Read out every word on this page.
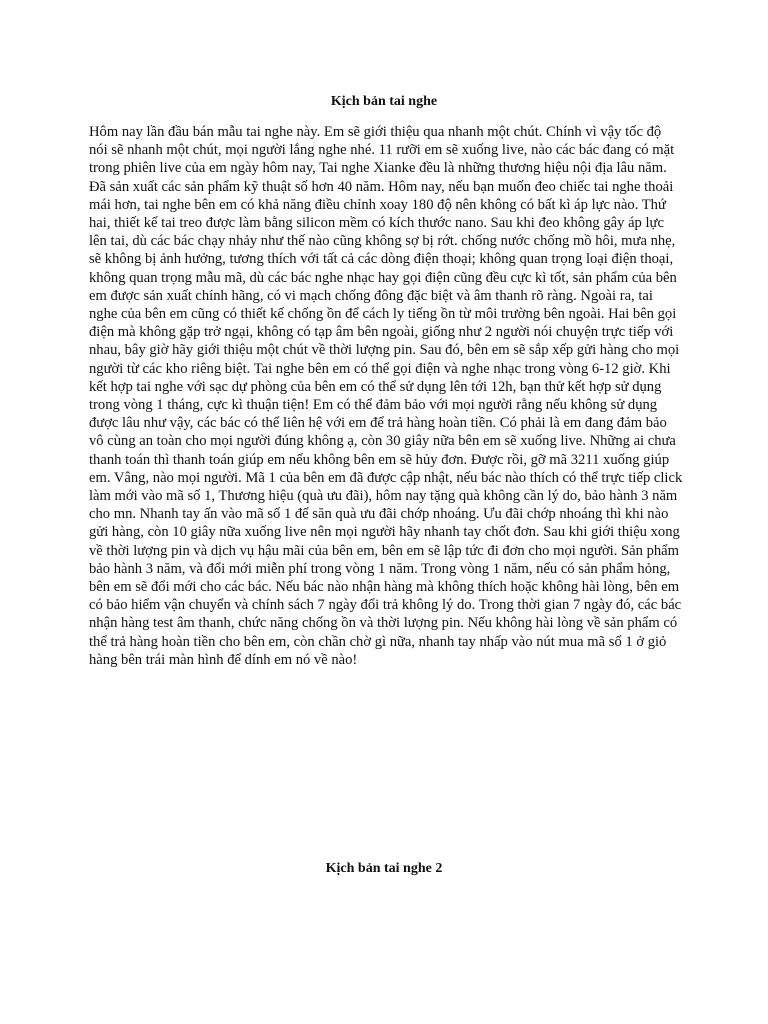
Kịch bản tai nghe

Hôm nay lần đầu bán mẫu tai nghe này. Em sẽ giới thiệu qua nhanh một chút. Chính vì vậy tốc độ nói sẽ nhanh một chút, mọi người lắng nghe nhé. 11 rưỡi em sẽ xuống live, nào các bác đang có mặt trong phiên live của em ngày hôm nay, Tai nghe Xianke đều là những thương hiệu nội địa lâu năm. Đã sản xuất các sản phẩm kỹ thuật số hơn 40 năm. Hôm nay, nếu bạn muốn đeo chiếc tai nghe thoải mái hơn, tai nghe bên em có khả năng điều chỉnh xoay 180 độ nên không có bất kì áp lực nào. Thứ hai, thiết kế tai treo được làm bằng silicon mềm có kích thước nano. Sau khi đeo không gây áp lực lên tai, dù các bác chạy nhảy như thế nào cũng không sợ bị rớt. chống nước chống mồ hôi, mưa nhẹ, sẽ không bị ảnh hưởng, tương thích với tất cả các dòng điện thoại; không quan trọng loại điện thoại, không quan trọng mẫu mã, dù các bác nghe nhạc hay gọi điện cũng đều cực kì tốt, sản phẩm của bên em được sản xuất chính hãng, có vi mạch chống đông đặc biệt và âm thanh rõ ràng. Ngoài ra, tai nghe của bên em cũng có thiết kế chống ồn để cách ly tiếng ồn từ môi trường bên ngoài. Hai bên gọi điện mà không gặp trở ngại, không có tạp âm bên ngoài, giống như 2 người nói chuyện trực tiếp với nhau, bây giờ hãy giới thiệu một chút về thời lượng pin. Sau đó, bên em sẽ sắp xếp gửi hàng cho mọi người từ các kho riêng biệt. Tai nghe bên em có thể gọi điện và nghe nhạc trong vòng 6-12 giờ. Khi kết hợp tai nghe với sạc dự phòng của bên em có thể sử dụng lên tới 12h, bạn thử kết hợp sử dụng trong vòng 1 tháng, cực kì thuận tiện! Em có thể đảm bảo với mọi người rằng nếu không sử dụng được lâu như vậy, các bác có thể liên hệ với em để trả hàng hoàn tiền. Có phải là em đang đảm bảo vô cùng an toàn cho mọi người đúng không ạ, còn 30 giây nữa bên em sẽ xuống live. Những ai chưa thanh toán thì thanh toán giúp em nếu không bên em sẽ hủy đơn. Được rồi, gỡ mã 3211 xuống giúp em. Vâng, nào mọi người. Mã 1 của bên em đã được cập nhật, nếu bác nào thích có thể trực tiếp click làm mới vào mã số 1, Thương hiệu (quà ưu đãi), hôm nay tặng quà không cần lý do, bảo hành 3 năm cho mn. Nhanh tay ấn vào mã số 1 để săn quà ưu đãi chớp nhoáng. Ưu đãi chớp nhoáng thì khi nào gửi hàng, còn 10 giây nữa xuống live nên mọi người hãy nhanh tay chốt đơn. Sau khi giới thiệu xong về thời lượng pin và dịch vụ hậu mãi của bên em, bên em sẽ lập tức đi đơn cho mọi người. Sản phẩm bảo hành 3 năm, và đổi mới miễn phí trong vòng 1 năm. Trong vòng 1 năm, nếu có sản phẩm hỏng, bên em sẽ đổi mới cho các bác. Nếu bác nào nhận hàng mà không thích hoặc không hài lòng, bên em có bảo hiểm vận chuyển và chính sách 7 ngày đổi trả không lý do. Trong thời gian 7 ngày đó, các bác nhận hàng test âm thanh, chức năng chống ồn và thời lượng pin. Nếu không hài lòng về sản phẩm có thể trả hàng hoàn tiền cho bên em, còn chần chờ gì nữa, nhanh tay nhấp vào nút mua mã số 1 ở giỏ hàng bên trái màn hình để dính em nó về nào!

Kịch bản tai nghe 2
